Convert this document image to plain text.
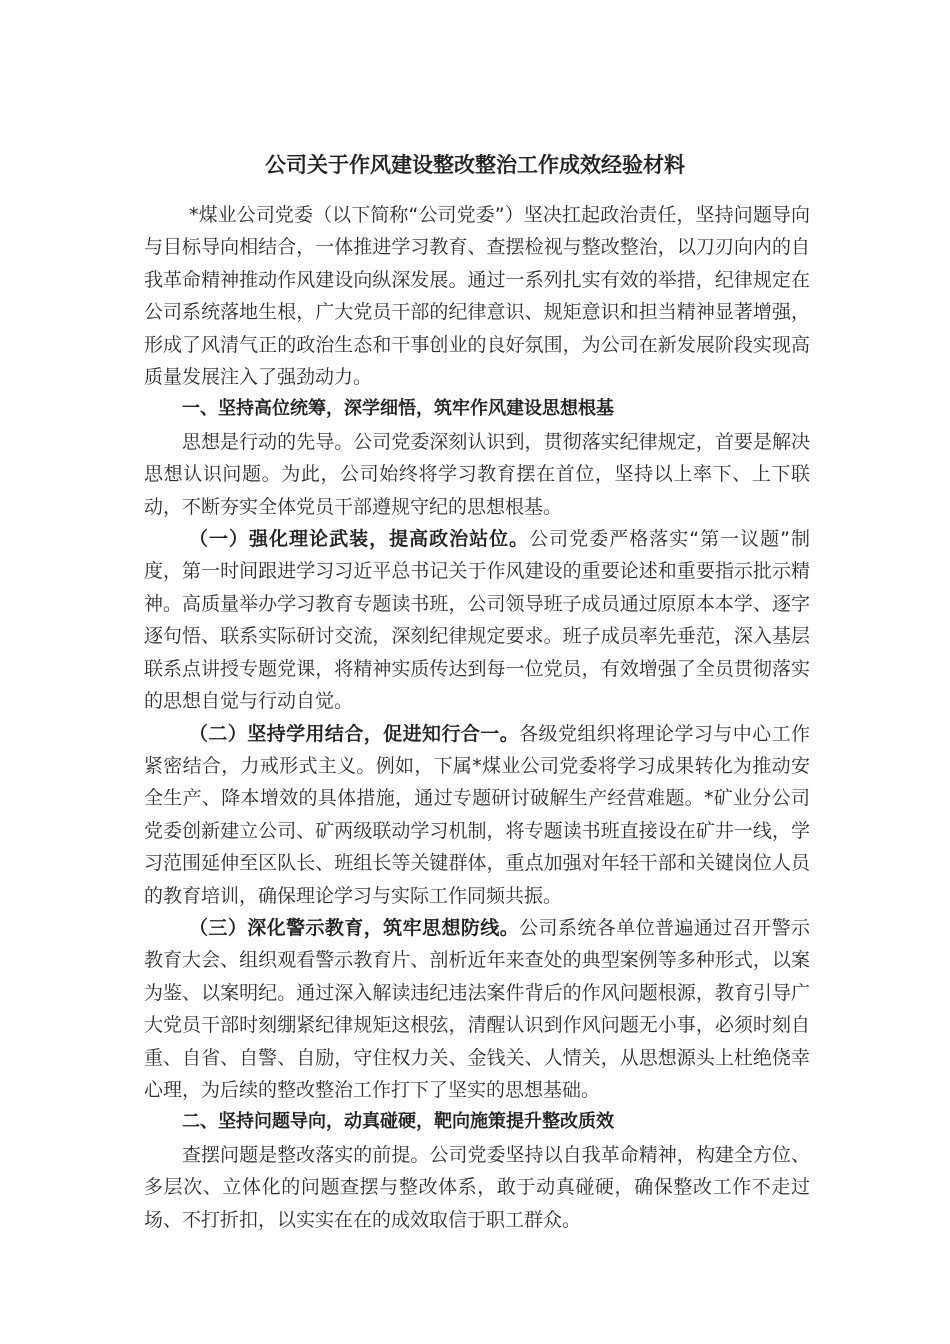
公司关于作风建设整改整治工作成效经验材料

*煤业公司党委（以下简称“公司党委”）坚决扛起政治责任，坚持问题导向与目标导向相结合，一体推进学习教育、查摆检视与整改整治，以刀刃向内的自我革命精神推动作风建设向纵深发展。通过一系列扎实有效的举措，纪律规定在公司系统落地生根，广大党员干部的纪律意识、规矩意识和担当精神显著增强，形成了风清气正的政治生态和干事创业的良好氛围，为公司在新发展阶段实现高质量发展注入了强劲动力。

一、坚持高位统筹，深学细悟，筑牢作风建设思想根基

思想是行动的先导。公司党委深刻认识到，贯彻落实纪律规定，首要是解决思想认识问题。为此，公司始终将学习教育摆在首位，坚持以上率下、上下联动，不断夯实全体党员干部遵规守纪的思想根基。

（一）强化理论武装，提高政治站位。公司党委严格落实“第一议题”制度，第一时间跟进学习习近平总书记关于作风建设的重要论述和重要指示批示精神。高质量举办学习教育专题读书班，公司领导班子成员通过原原本本学、逐字逐句悟、联系实际研讨交流，深刻纪律规定要求。班子成员率先垂范，深入基层联系点讲授专题党课，将精神实质传达到每一位党员，有效增强了全员贯彻落实的思想自觉与行动自觉。

（二）坚持学用结合，促进知行合一。各级党组织将理论学习与中心工作紧密结合，力戒形式主义。例如，下属*煤业公司党委将学习成果转化为推动安全生产、降本增效的具体措施，通过专题研讨破解生产经营难题。*矿业分公司党委创新建立公司、矿两级联动学习机制，将专题读书班直接设在矿井一线，学习范围延伸至区队长、班组长等关键群体，重点加强对年轻干部和关键岗位人员的教育培训，确保理论学习与实际工作同频共振。

（三）深化警示教育，筑牢思想防线。公司系统各单位普遍通过召开警示教育大会、组织观看警示教育片、剖析近年来查处的典型案例等多种形式，以案为鉴、以案明纪。通过深入解读违纪违法案件背后的作风问题根源，教育引导广大党员干部时刻绷紧纪律规矩这根弦，清醒认识到作风问题无小事，必须时刻自重、自省、自警、自励，守住权力关、金钱关、人情关，从思想源头上杜绝侥幸心理，为后续的整改整治工作打下了坚实的思想基础。

二、坚持问题导向，动真碰硬，靶向施策提升整改质效

查摆问题是整改落实的前提。公司党委坚持以自我革命精神，构建全方位、多层次、立体化的问题查摆与整改体系，敢于动真碰硬，确保整改工作不走过场、不打折扣，以实实在在的成效取信于职工群众。
